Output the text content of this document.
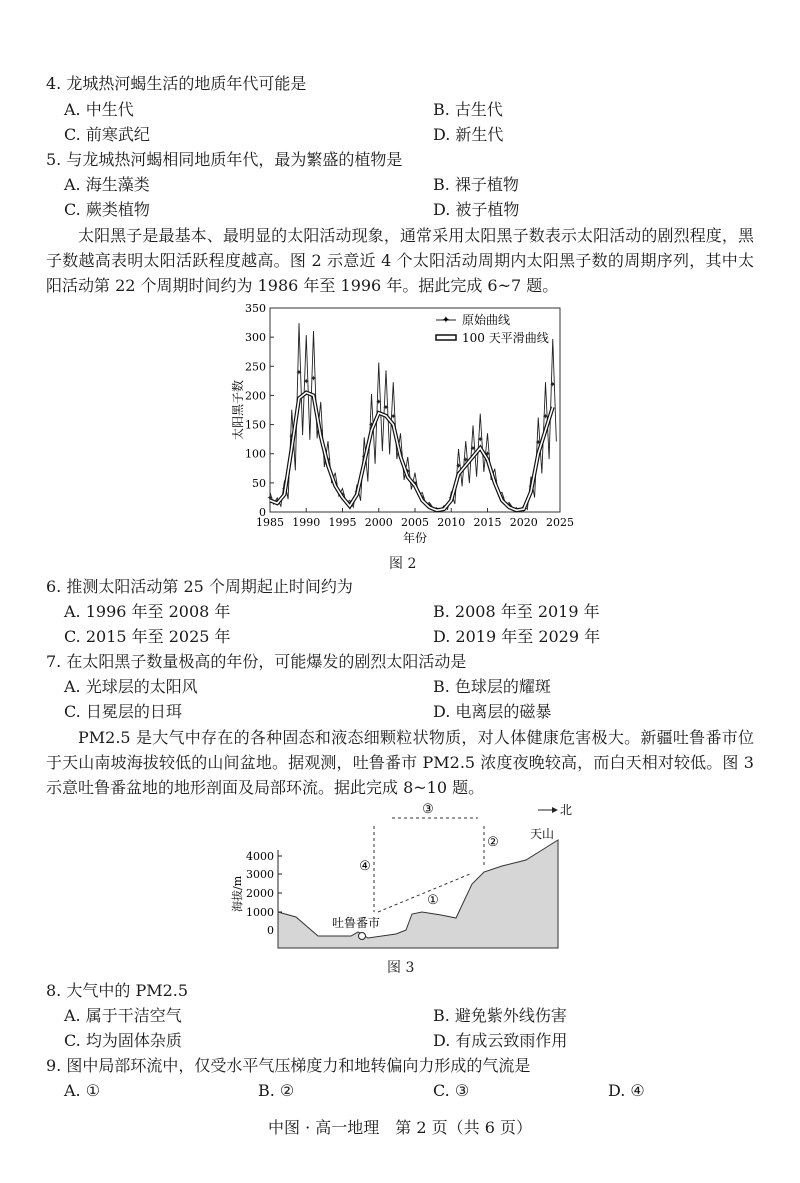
4. 龙城热河蝎生活的地质年代可能是
A. 中生代	B. 古生代
C. 前寒武纪	D. 新生代
5. 与龙城热河蝎相同地质年代，最为繁盛的植物是
A. 海生藻类	B. 裸子植物
C. 蕨类植物	D. 被子植物
太阳黑子是最基本、最明显的太阳活动现象，通常采用太阳黑子数表示太阳活动的剧烈程度，黑子数越高表明太阳活跃程度越高。图 2 示意近 4 个太阳活动周期内太阳黑子数的周期序列，其中太阳活动第 22 个周期时间约为 1986 年至 1996 年。据此完成 6~7 题。
0
50
100
150
200
250
300
350
1985 1990 1995 2000 2005 2010 2015 2020 2025
✦ ✦
✦
✦
✦
✦ ✦
✦
✦
✦
✦
✦
✦
✦
✦
✦
✦
✦
✦
✦
✦
✦
✦ ✦ ✦
✦
✦
✦
✦
✦
✦
✦
✦
✦ ✦ ✦
✦
✦
✦
✦
✦ 原始曲线
100 天平滑曲线
太阳黑子数
年份
图 2
6. 推测太阳活动第 25 个周期起止时间约为
A. 1996 年至 2008 年	B. 2008 年至 2019 年
C. 2015 年至 2025 年	D. 2019 年至 2029 年
7. 在太阳黑子数量极高的年份，可能爆发的剧烈太阳活动是
A. 光球层的太阳风	B. 色球层的耀斑
C. 日冕层的日珥	D. 电离层的磁暴
PM2.5 是大气中存在的各种固态和液态细颗粒状物质，对人体健康危害极大。新疆吐鲁番市位于天山南坡海拔较低的山间盆地。据观测，吐鲁番市 PM2.5 浓度夜晚较高，而白天相对较低。图 3 示意吐鲁番盆地的地形剖面及局部环流。据此完成 8~10 题。
北
4000
3000
2000
1000
0
海拔/m
吐鲁番市
天山
①
②
③
④
图 3
8. 大气中的 PM2.5
A. 属于干洁空气	B. 避免紫外线伤害
C. 均为固体杂质	D. 有成云致雨作用
9. 图中局部环流中，仅受水平气压梯度力和地转偏向力形成的气流是
A. ①	B. ②	C. ③	D. ④
中图 · 高一地理　第 2 页（共 6 页）
